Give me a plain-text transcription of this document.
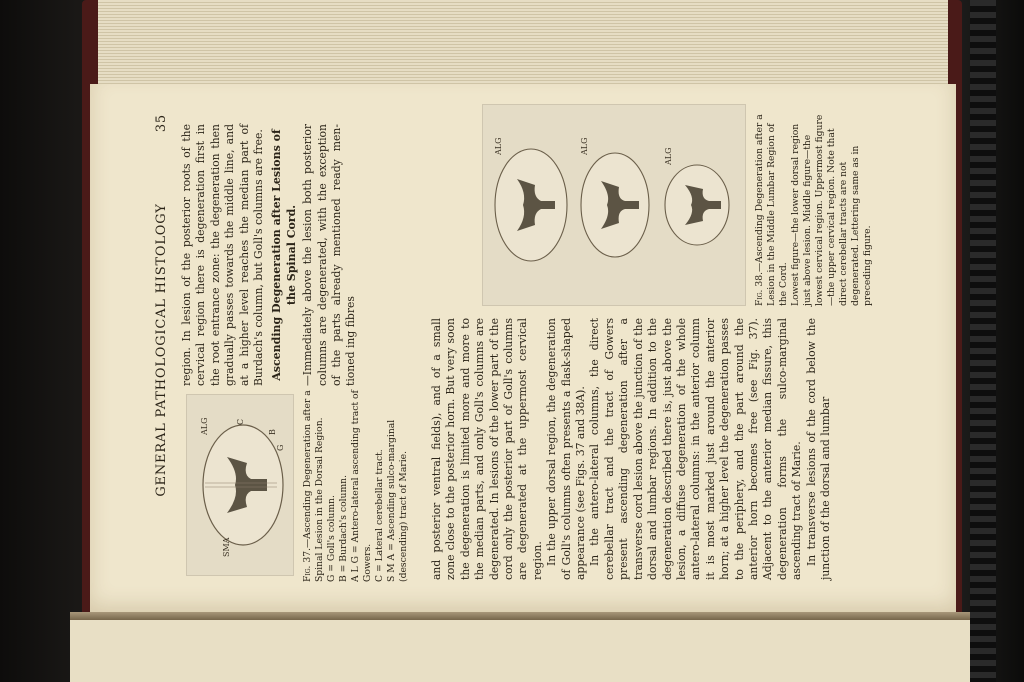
GENERAL PATHOLOGICAL HISTOLOGY
35
SMA
ALG	C
B
G
Fig. 37.—Ascending Degeneration after a Spinal Lesion in the Dorsal Region. G = Goll's column. B = Burdach's column. A L G = Antero-lateral ascending tract of Gowers. C = Lateral cerebellar tract. S M A = Ascending sulco-marginal (descending) tract of Marie.

region. In lesion of the posterior roots of the cervical region there is degeneration first in the root entrance zone: the degeneration then gradually passes towards the middle line, and at a higher level reaches the median part of Burdach's column, but Goll's columns are free. Ascending Degeneration after Lesions of the Spinal Cord. —Immediately above the lesion both posterior columns are degenerated, with the exception of the parts already mentioned ready men- tioned ing fibres	and posterior ventral fields), and of a small zone close to the posterior horn. But very soon the degeneration is limited more and more to the median parts, and only Goll's columns are degenerated. In lesions of the lower part of the cord only the posterior part of Goll's columns are degenerated at the uppermost cervical region. In the upper dorsal region, the degeneration of Goll's columns often presents a flask-shaped appearance (see Figs. 37 and 38A). In the antero-lateral columns, the direct cerebellar tract and the tract of Gowers present ascending degeneration after a transverse cord lesion above the junction of the dorsal and lumbar regions. In addition to the degeneration described there is, just above the lesion, a diffuse degeneration of the whole antero-lateral columns: in the anterior column it is most marked just around the anterior horn; at a higher level the degeneration passes to the periphery, and the part around the anterior horn becomes free (see Fig. 37). Adjacent to the anterior median fissure, this degeneration forms the sulco-marginal ascending tract of Marie. In transverse lesions of the cord below the junction of the dorsal and lumbar

ALG	ALG
ALG
Fig. 38.—Ascending Degeneration after a Lesion in the Middle Lumbar Region of the Cord. Lowest figure—the lower dorsal region just above lesion. Middle figure—the lowest cervical region. Uppermost figure—the upper cervical region. Note that direct cerebellar tracts are not degenerated. Lettering same as in preceding figure.
